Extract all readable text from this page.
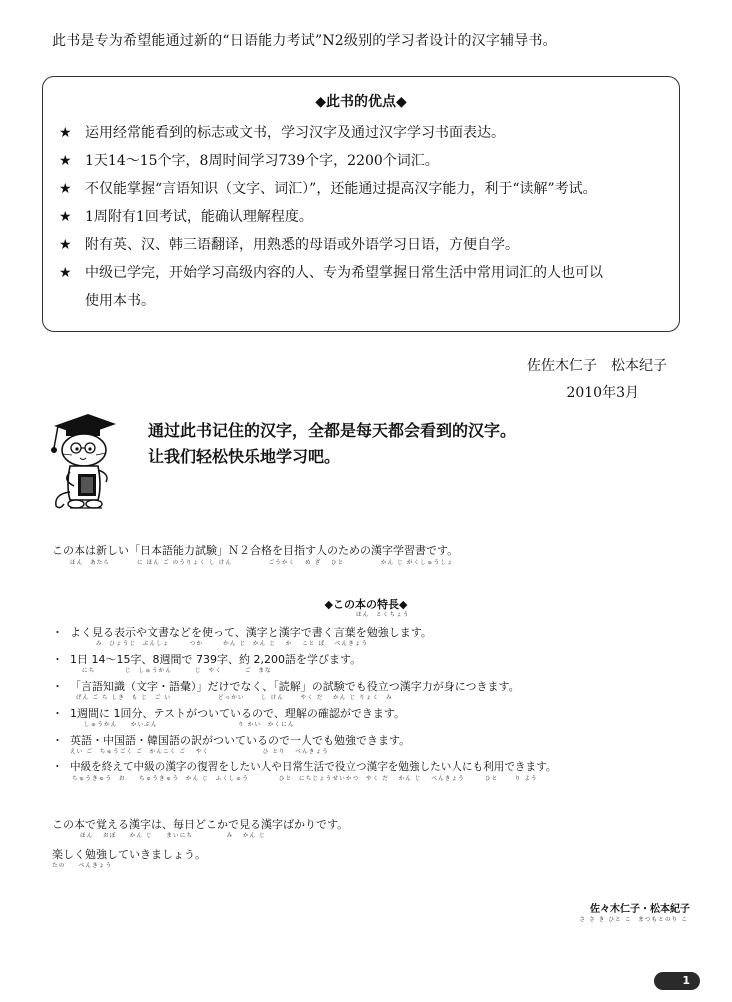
此书是专为希望能通过新的“日语能力考试”N2级别的学习者设计的汉字辅导书。
◆此书的优点◆
★ 运用经常能看到的标志或文书，学习汉字及通过汉字学习书面表达。
★ 1天14～15个字，8周时间学习739个字，2200个词汇。
★ 不仅能掌握“言语知识（文字、词汇）”，还能通过提高汉字能力，利于“读解”考试。
★ 1周附有1回考试，能确认理解程度。
★ 附有英、汉、韩三语翻译，用熟悉的母语或外语学习日语，方便自学。
★ 中级已学完，开始学习高级内容的人、专为希望掌握日常生活中常用词汇的人也可以
使用本书。
佐佐木仁子　松本纪子
2010年3月
通过此书记住的汉字，全都是每天都会看到的汉字。
让我们轻松快乐地学习吧。
この本は新しい「日本語能力試験」Ｎ２合格を目指す人のための漢字学習書です。
ほん　あたら　　　　に ほん ご のうりょく し けん　　　　　 ごうかく　 め ざ　 ひと　　　　　 かん じ がくしゅうしょ
◆この本の特長◆
ほん　とくちょう
・ よく見る表示や文書などを使って、漢字と漢字で書く言葉を勉強します。
み　ひょうじ　ぶんしょ　　　つか　　　かん じ　かん じ　 か　 こと ば　 べんきょう
・ 1日 14～15字、8週間で 739字、約 2,200語を学びます。
にち　　　　 じ　しゅうかん　　　 じ　やく　　　 ご　まな
・ 「言語知識（文字・語彙）」だけでなく、「読解」の試験でも役立つ漢字力が身につきます。
げん ご ち しき　も じ　ご い　　　　　　　どっかい　　 し けん　　 やく だ　 かん じ りょく　み
・ 1週間に 1回分、テストがついているので、理解の確認ができます。
しゅうかん　　かいぶん　　　　　　　　　　　　り かい　かくにん
・ 英語・中国語・韓国語の訳がついているので一人でも勉強できます。
えい ご　ちゅうごく ご　かんこく ご　 やく　　　　　　　　ひ とり　 べんきょう
・ 中級を終えて中級の漢字の復習をしたい人や日常生活で役立つ漢字を勉強したい人にも利用できます。
ちゅうきゅう　お　　ちゅうきゅう　かん じ　ふくしゅう　　　　 ひと　にちじょうせいかつ　やく だ　 かん じ　 べんきょう　　　ひと　　 り よう
この本で覚える漢字は、毎日どこかで見る漢字ばかりです。
ほん　 おぼ　　かん じ　　まいにち　　　　　み　 かん じ
楽しく勉強していきましょう。
たの　　べんきょう
佐々木仁子・松本紀子
さ さ き ひと こ　まつもとのり こ
1
